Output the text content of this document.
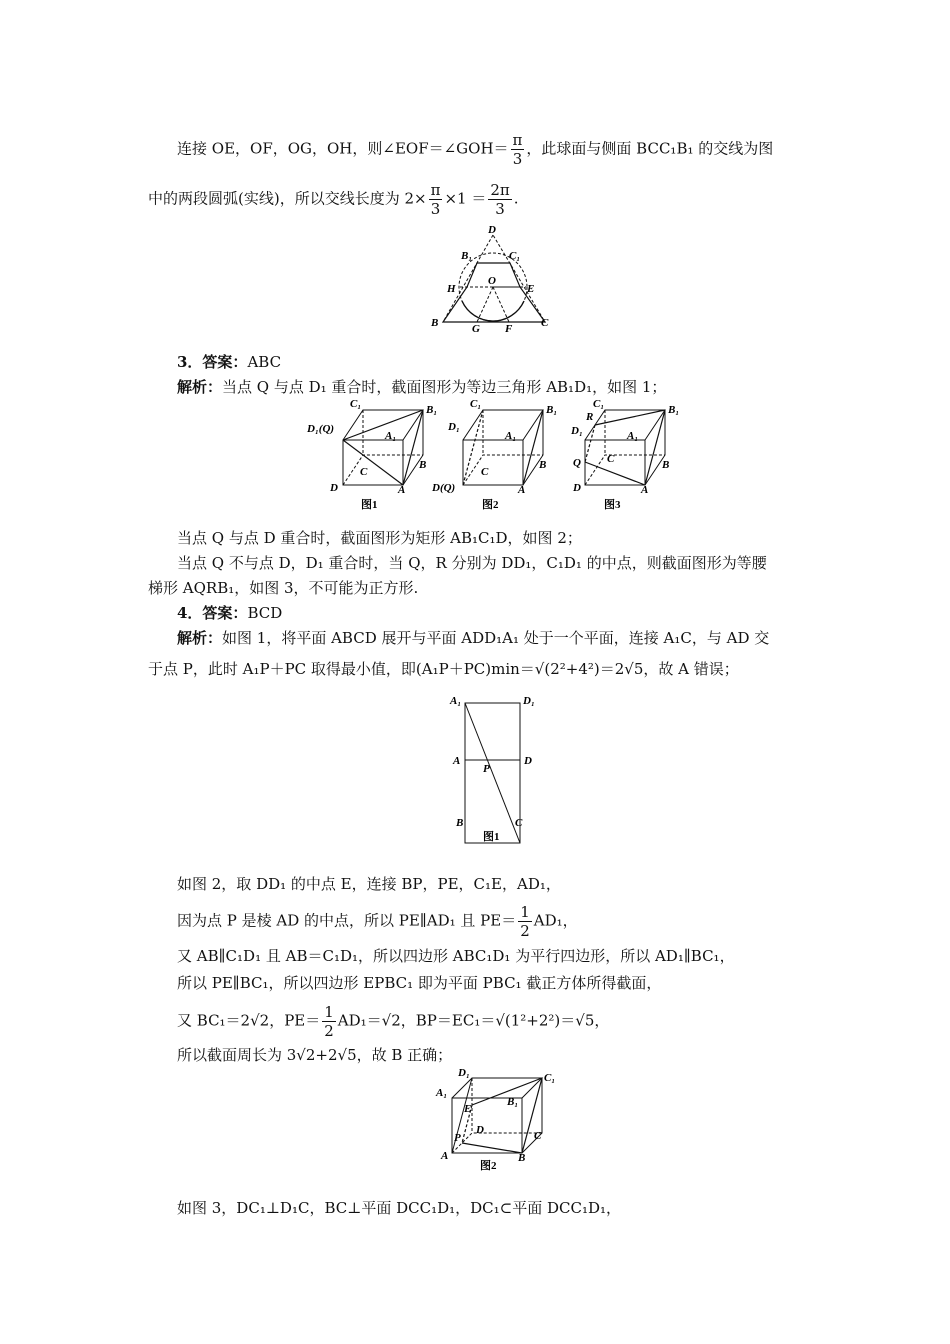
连接 OE，OF，OG，OH，则∠EOF＝∠GOH＝ $\frac{\pi}{3}$ ，此球面与侧面 BCC₁B₁ 的交线为图
中的两段圆弧(实线)，所以交线长度为 $2\times \frac{\pi}{3} \times 1 = \frac{2\pi}{3}$ .
D
B₁	C₁
O
H	E
B	G F	C
3．答案：ABC
解析：当点 Q 与点 D₁ 重合时，截面图形为等边三角形 AB₁D₁，如图 1；
C₁	B₁
D₁(Q)
A₁
C
B
D	A
图1
C₁	B₁
D₁
A₁
C
B
D(Q)	A
图2
C₁	B₁
R
D₁	A₁
Q C	B
D	A
图3
当点 Q 与点 D 重合时，截面图形为矩形 AB₁C₁D，如图 2；
当点 Q 不与点 D，D₁ 重合时，当 Q，R 分别为 DD₁，C₁D₁ 的中点，则截面图形为等腰
梯形 AQRB₁，如图 3，不可能为正方形.
4．答案：BCD
解析：如图 1，将平面 ABCD 展开与平面 ADD₁A₁ 处于一个平面，连接 A₁C，与 AD 交
于点 P，此时 A₁P＋PC 取得最小值，即(A₁P＋PC)min＝√(2²+4²)＝2√5，故 A 错误；
A₁	D₁
A
P
D
B	C
图1
如图 2，取 DD₁ 的中点 E，连接 BP，PE，C₁E，AD₁，
因为点 P 是棱 AD 的中点，所以 PE∥AD₁ 且 $PE= \frac{1}{2} AD_1$，
又 AB∥C₁D₁ 且 AB＝C₁D₁，所以四边形 ABC₁D₁ 为平行四边形，所以 AD₁∥BC₁，
所以 PE∥BC₁，所以四边形 EPBC₁ 即为平面 PBC₁ 截正方体所得截面，
又 BC₁＝2√2，$PE= \frac{1}{2} AD_1=√2$，BP＝EC₁＝√(1²+2²)＝√5，
所以截面周长为 3√2+2√5，故 B 正确；
D₁	C₁
A₁
B₁
E
D
P	C
A	B
图2
如图 3，DC₁⊥D₁C，BC⊥平面 DCC₁D₁，DC₁⊂平面 DCC₁D₁，
